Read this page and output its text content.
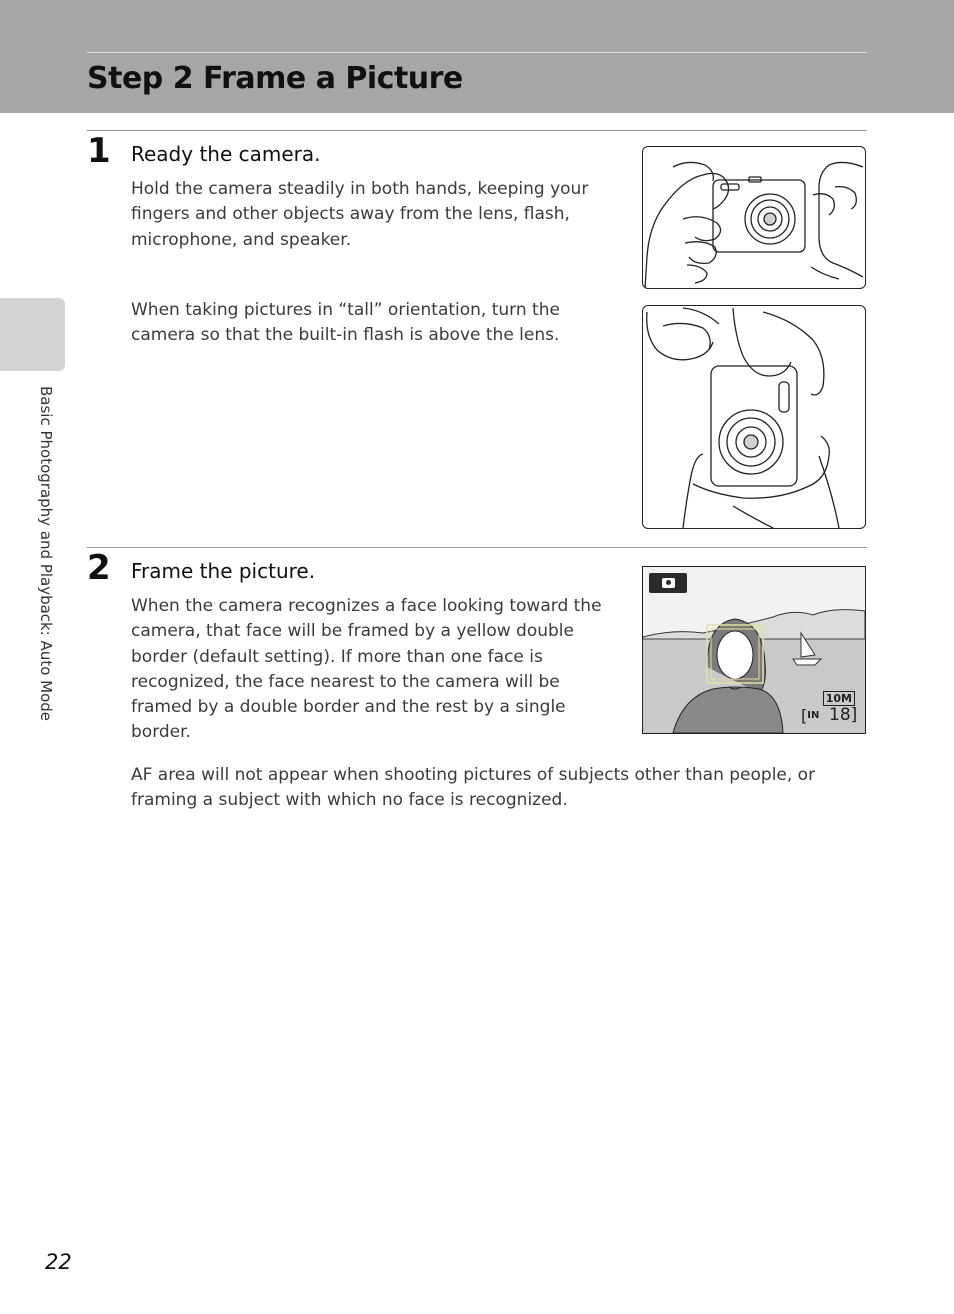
Step 2 Frame a Picture
Basic Photography and Playback: Auto Mode
1 Ready the camera.

Hold the camera steadily in both hands, keeping your fingers and other objects away from the lens, flash, microphone, and speaker.

When taking pictures in “tall” orientation, turn the camera so that the built-in flash is above the lens.

2 Frame the picture.

When the camera recognizes a face looking toward the camera, that face will be framed by a yellow double border (default setting). If more than one face is recognized, the face nearest to the camera will be framed by a double border and the rest by a single border.

AF area will not appear when shooting pictures of subjects other than people, or framing a subject with which no face is recognized.

10M
[$^{IN}$ 18]
22
